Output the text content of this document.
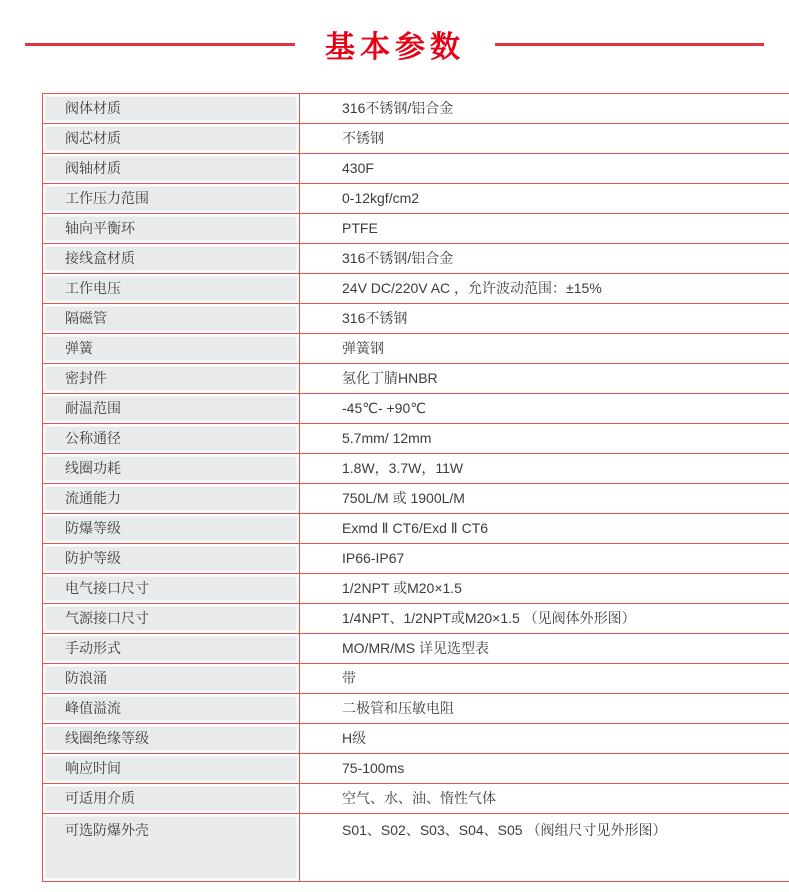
基本参数
阀体材质	316不锈钢/铝合金
阀芯材质	不锈钢
阀轴材质	430F
工作压力范围	0-12kgf/cm2
轴向平衡环	PTFE
接线盒材质	316不锈钢/铝合金
工作电压	24V DC/220V AC ，允许波动范围：±15%
隔磁管	316不锈钢
弹簧	弹簧钢
密封件	氢化丁腈HNBR
耐温范围	-45℃- +90℃
公称通径	5.7mm/ 12mm
线圈功耗	1.8W，3.7W，11W
流通能力	750L/M 或 1900L/M
防爆等级	Exmd Ⅱ CT6/Exd Ⅱ CT6
防护等级	IP66-IP67
电气接口尺寸	1/2NPT 或M20×1.5
气源接口尺寸	1/4NPT、1/2NPT或M20×1.5 （见阀体外形图）
手动形式	MO/MR/MS 详见选型表
防浪涌	带
峰值溢流	二极管和压敏电阻
线圈绝缘等级	H级
响应时间	75-100ms
可适用介质	空气、水、油、惰性气体
可选防爆外壳	S01、S02、S03、S04、S05 （阀组尺寸见外形图）
